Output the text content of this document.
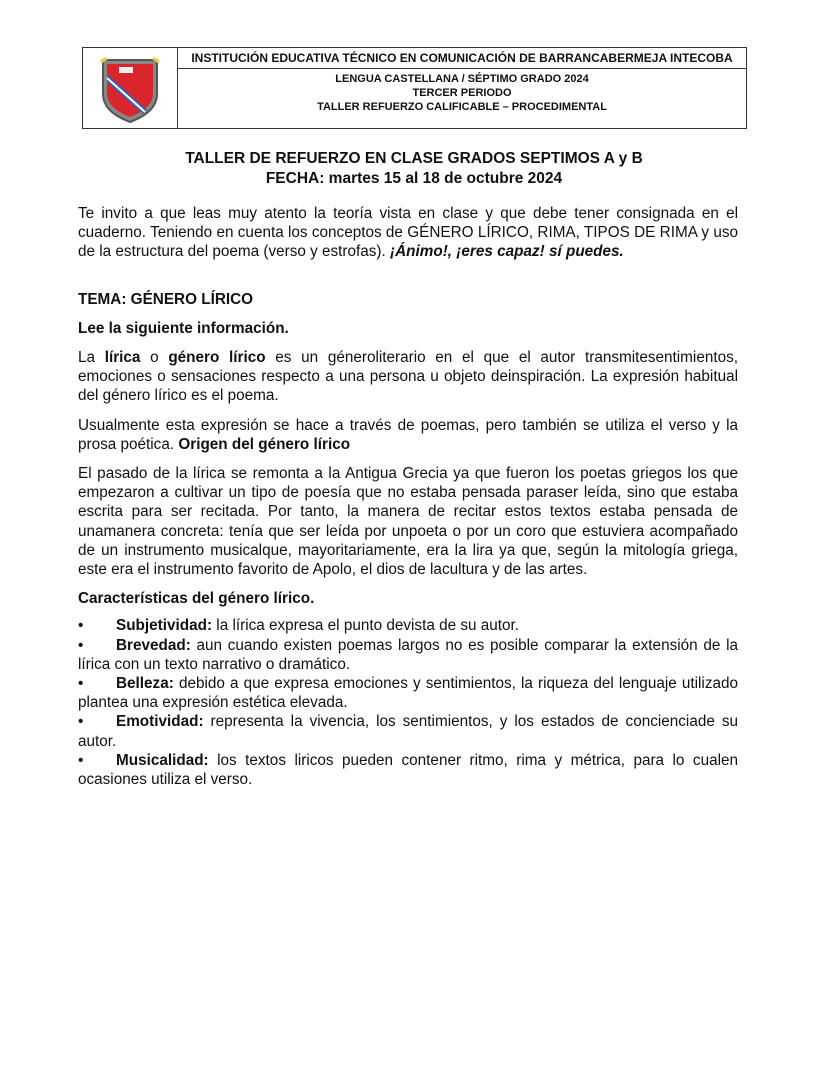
INSTITUCIÓN EDUCATIVA TÉCNICO EN COMUNICACIÓN DE BARRANCABERMEJA INTECOBA
LENGUA CASTELLANA / SÉPTIMO GRADO 2024
TERCER PERIODO
TALLER REFUERZO CALIFICABLE – PROCEDIMENTAL
TALLER DE REFUERZO EN CLASE GRADOS SEPTIMOS A y B
FECHA: martes 15 al 18 de octubre 2024

Te invito a que leas muy atento la teoría vista en clase y que debe tener consignada en el cuaderno. Teniendo en cuenta los conceptos de GÉNERO LÍRICO, RIMA, TIPOS DE RIMA y uso de la estructura del poema (verso y estrofas). ¡Ánimo!, ¡eres capaz! sí puedes.

TEMA: GÉNERO LÍRICO

Lee la siguiente información.

La lírica o género lírico es un géneroliterario en el que el autor transmitesentimientos, emociones o sensaciones respecto a una persona u objeto deinspiración. La expresión habitual del género lírico es el poema.

Usualmente esta expresión se hace a través de poemas, pero también se utiliza el verso y la prosa poética. Origen del género lírico

El pasado de la lírica se remonta a la Antigua Grecia ya que fueron los poetas griegos los que empezaron a cultivar un tipo de poesía que no estaba pensada paraser leída, sino que estaba escrita para ser recitada. Por tanto, la manera de recitar estos textos estaba pensada de unamanera concreta: tenía que ser leída por unpoeta o por un coro que estuviera acompañado de un instrumento musicalque, mayoritariamente, era la lira ya que, según la mitología griega, este era el instrumento favorito de Apolo, el dios de lacultura y de las artes.

Características del género lírico.

• Subjetividad: la lírica expresa el punto devista de su autor.

• Brevedad: aun cuando existen poemas largos no es posible comparar la extensión de la lírica con un texto narrativo o dramático.

• Belleza: debido a que expresa emociones y sentimientos, la riqueza del lenguaje utilizado plantea una expresión estética elevada.

• Emotividad: representa la vivencia, los sentimientos, y los estados de concienciade su autor.

• Musicalidad: los textos liricos pueden contener ritmo, rima y métrica, para lo cualen ocasiones utiliza el verso.
